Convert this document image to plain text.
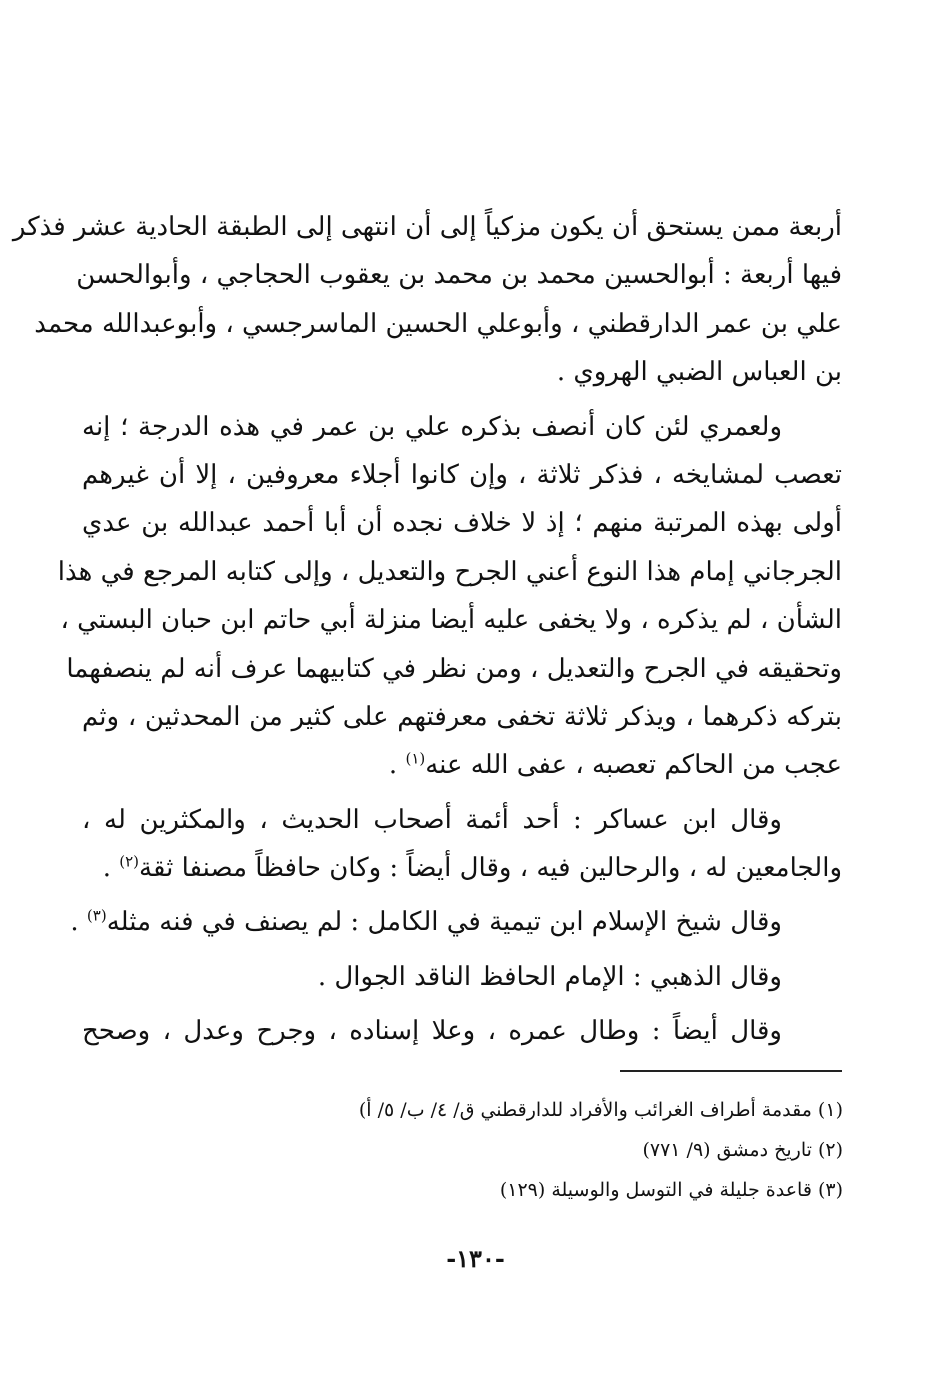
أربعة ممن يستحق أن يكون مزكياً إلى أن انتهى إلى الطبقة الحادية عشر فذكر
فيها أربعة : أبوالحسين محمد بن محمد بن يعقوب الحجاجي ، وأبوالحسن
علي بن عمر الدارقطني ، وأبوعلي الحسين الماسرجسي ، وأبوعبدالله محمد
بن العباس الضبي الهروي .
ولعمري لئن كان أنصف بذكره علي بن عمر في هذه الدرجة ؛ إنه
تعصب لمشايخه ، فذكر ثلاثة ، وإن كانوا أجلاء معروفين ، إلا أن غيرهم
أولى بهذه المرتبة منهم ؛ إذ لا خلاف نجده أن أبا أحمد عبدالله بن عدي
الجرجاني إمام هذا النوع أعني الجرح والتعديل ، وإلى كتابه المرجع في هذا
الشأن ، لم يذكره ، ولا يخفى عليه أيضا منزلة أبي حاتم ابن حبان البستي ،
وتحقيقه في الجرح والتعديل ، ومن نظر في كتابيهما عرف أنه لم ينصفهما
بتركه ذكرهما ، ويذكر ثلاثة تخفى معرفتهم على كثير من المحدثين ، وثم
عجب من الحاكم تعصبه ، عفى الله عنه$^{(١)}$ .
وقال ابن عساكر : أحد أئمة أصحاب الحديث ، والمكثرين له ،
والجامعين له ، والرحالين فيه ، وقال أيضاً : وكان حافظاً مصنفا ثقة$^{(٢)}$ .
وقال شيخ الإسلام ابن تيمية في الكامل : لم يصنف في فنه مثله$^{(٣)}$ .
وقال الذهبي : الإمام الحافظ الناقد الجوال .
وقال أيضاً : وطال عمره ، وعلا إسناده ، وجرح وعدل ، وصحح
(١) مقدمة أطراف الغرائب والأفراد للدارقطني ق/ ٤/ ب/ ٥/ أ)
(٢) تاريخ دمشق (٩/ ٧٧١)
(٣) قاعدة جليلة في التوسل والوسيلة (١٢٩)
-١٣٠-
